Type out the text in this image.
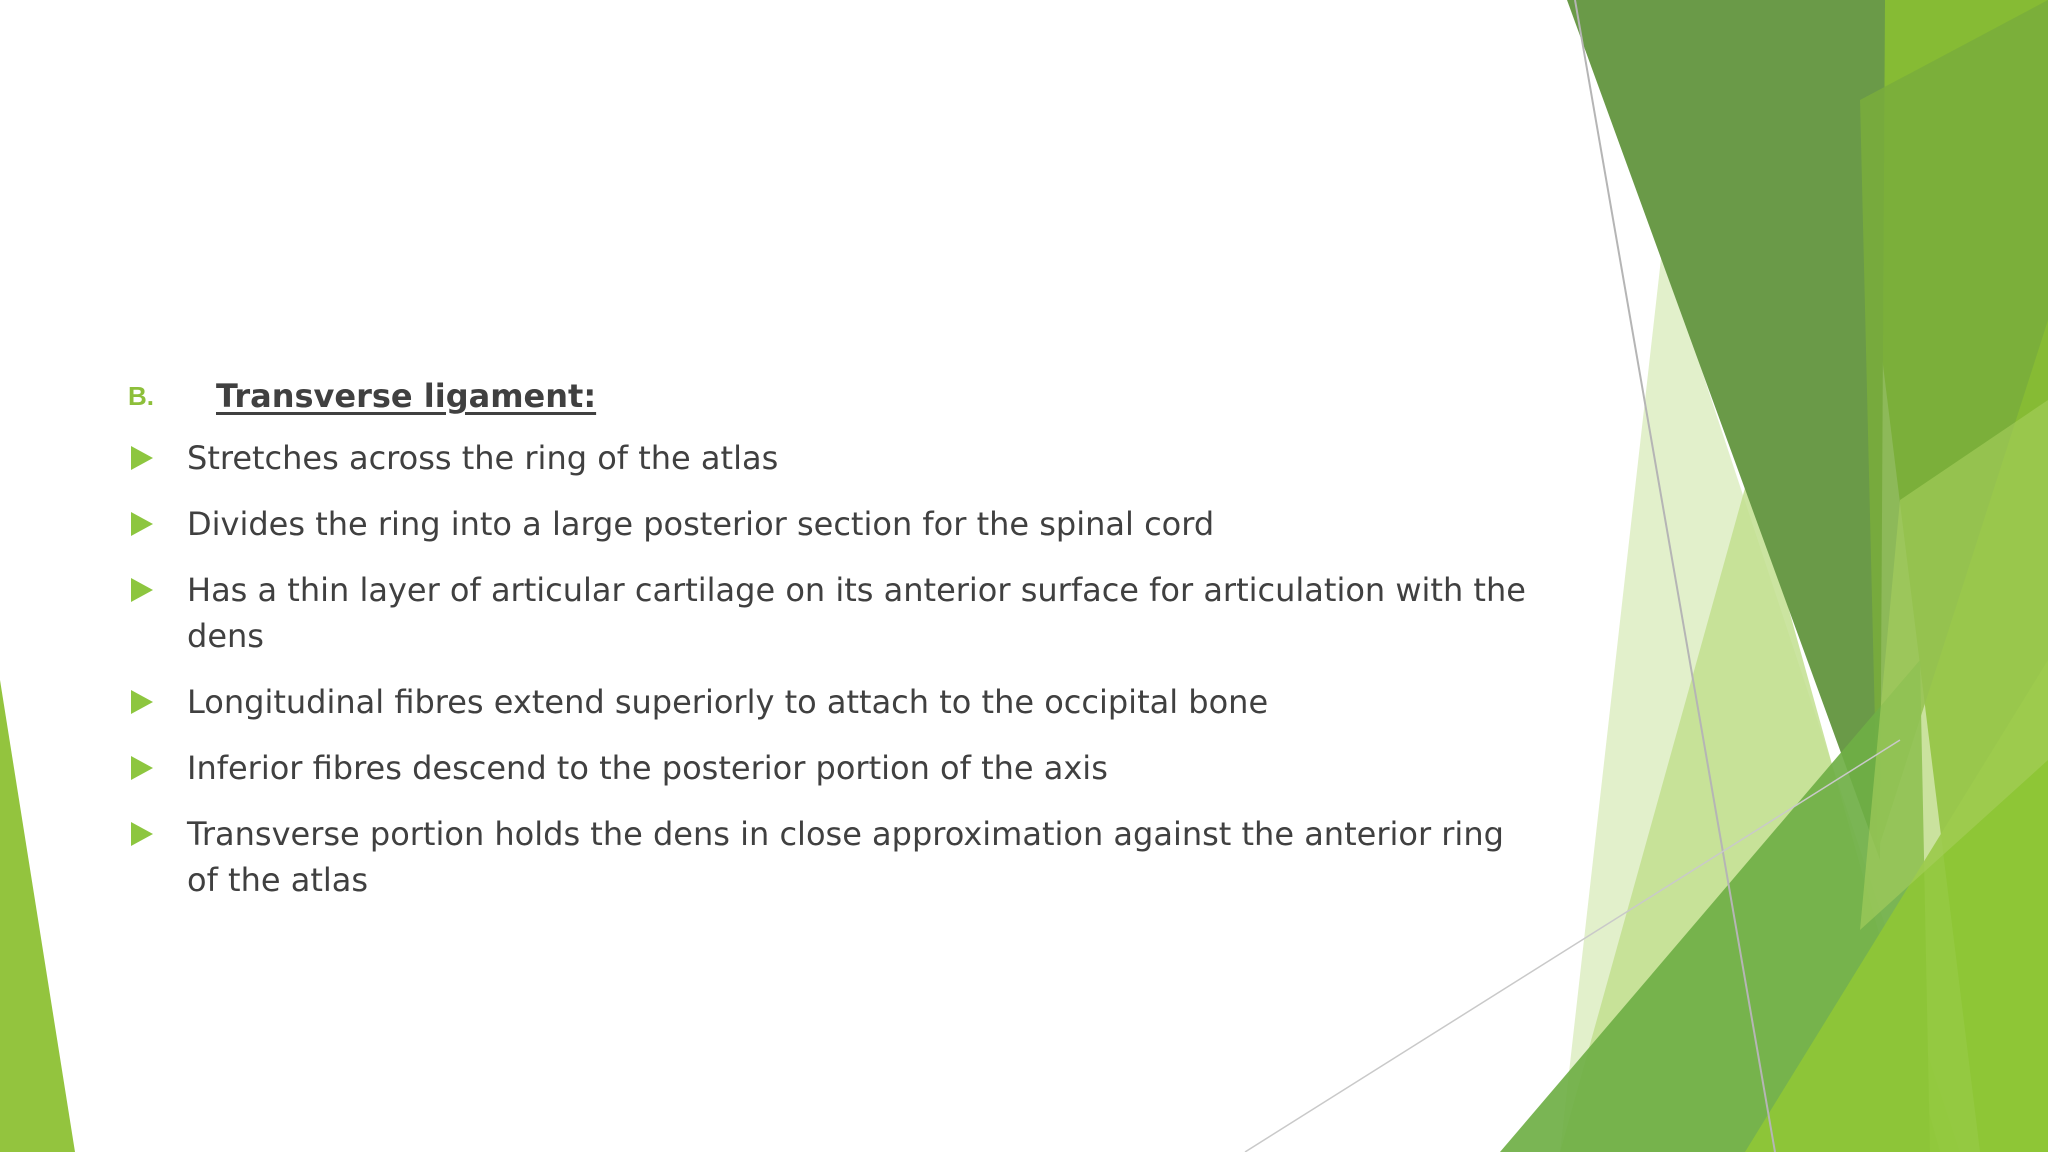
B.	Transverse ligament:
Stretches across the ring of the atlas
Divides the ring into a large posterior section for the spinal cord
Has a thin layer of articular cartilage on its anterior surface for articulation with the dens
Longitudinal fibres extend superiorly to attach to the occipital bone
Inferior fibres descend to the posterior portion of the axis
Transverse portion holds the dens in close approximation against the anterior ring of the atlas
